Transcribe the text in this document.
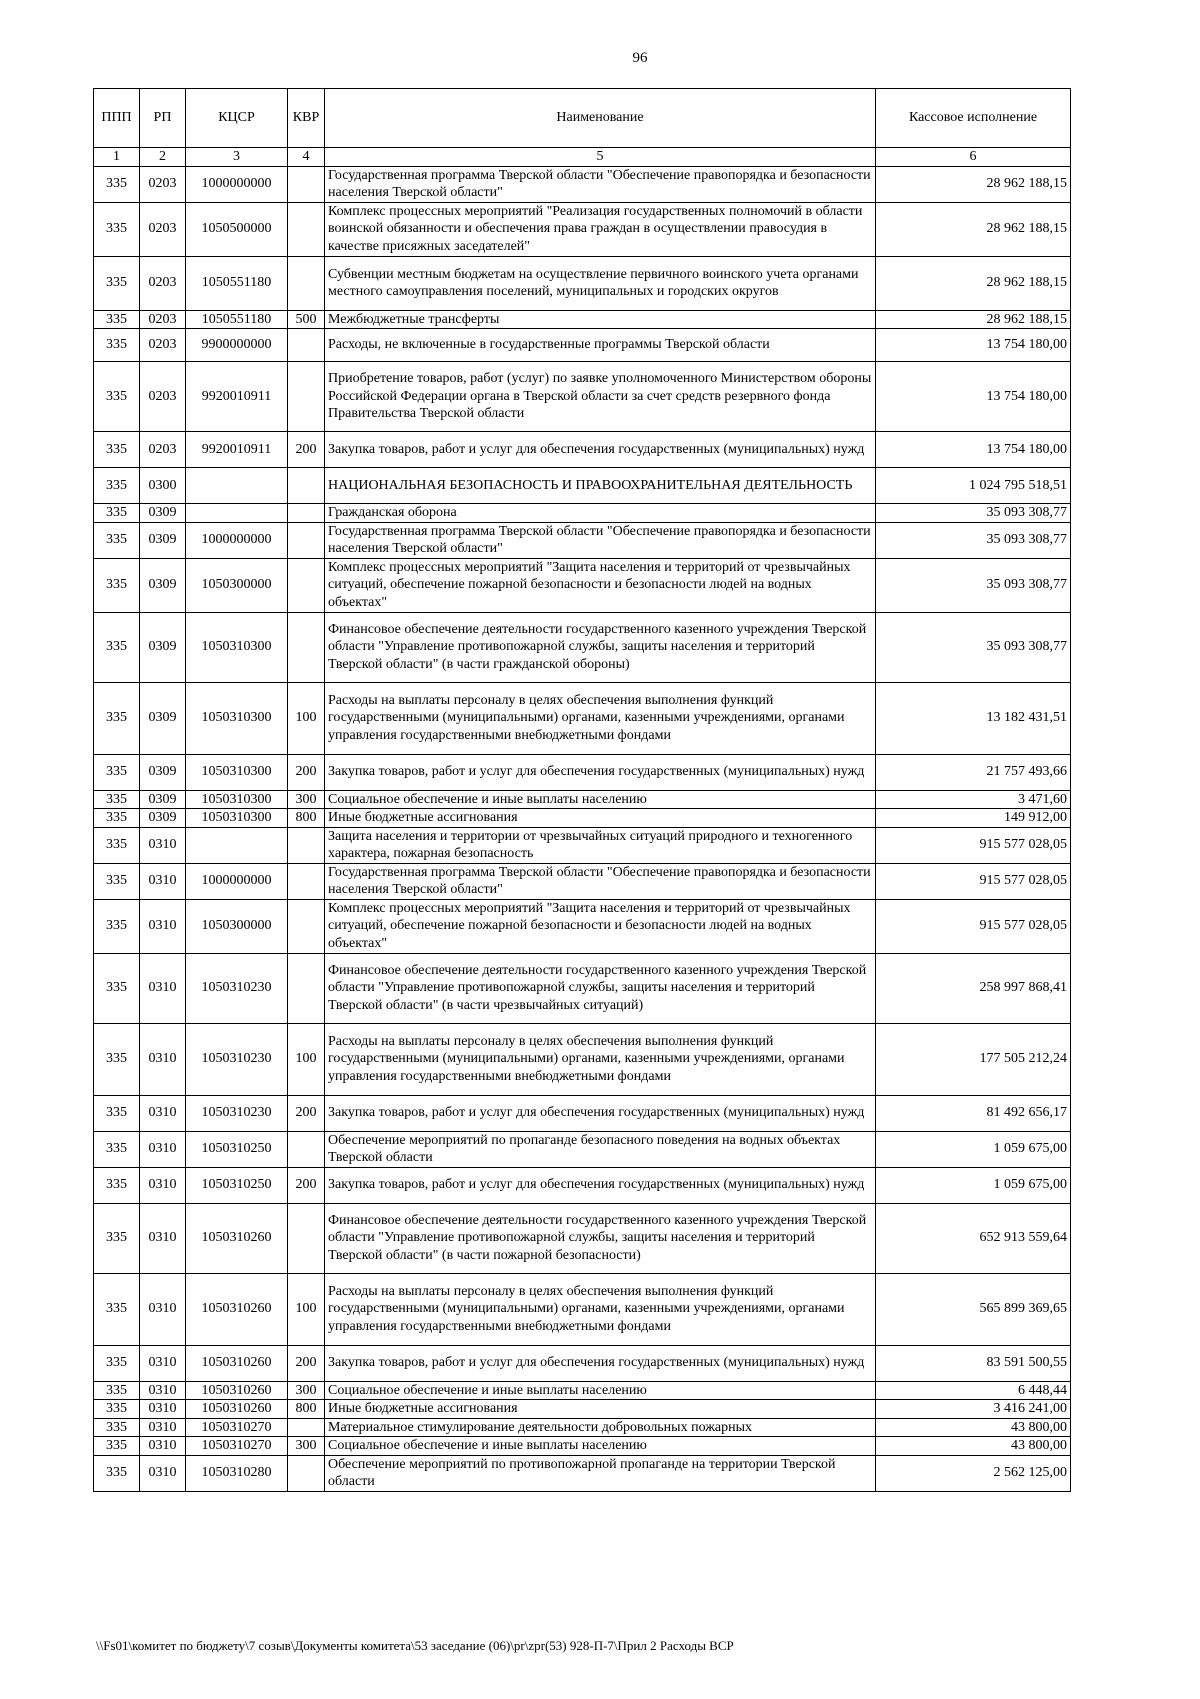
96
ППП	РП	КЦСР	КВР	Наименование	Кассовое исполнение
1	2	3	4	5	6
335	0203	1000000000		Государственная программа Тверской области "Обеспечение правопорядка и безопасности населения Тверской области"	28 962 188,15
335	0203	1050500000		Комплекс процессных мероприятий "Реализация государственных полномочий в области воинской обязанности и обеспечения права граждан в осуществлении правосудия в качестве присяжных заседателей"	28 962 188,15
335	0203	1050551180		Субвенции местным бюджетам на осуществление первичного воинского учета органами местного самоуправления поселений, муниципальных и городских округов	28 962 188,15
335	0203	1050551180	500	Межбюджетные трансферты	28 962 188,15
335	0203	9900000000		Расходы, не включенные в государственные программы Тверской области	13 754 180,00
335	0203	9920010911		Приобретение товаров, работ (услуг) по заявке уполномоченного Министерством обороны Российской Федерации органа в Тверской области за счет средств резервного фонда Правительства Тверской области	13 754 180,00
335	0203	9920010911	200	Закупка товаров, работ и услуг для обеспечения государственных (муниципальных) нужд	13 754 180,00
335	0300			НАЦИОНАЛЬНАЯ БЕЗОПАСНОСТЬ И ПРАВООХРАНИТЕЛЬНАЯ ДЕЯТЕЛЬНОСТЬ	1 024 795 518,51
335	0309			Гражданская оборона	35 093 308,77
335	0309	1000000000		Государственная программа Тверской области "Обеспечение правопорядка и безопасности населения Тверской области"	35 093 308,77
335	0309	1050300000		Комплекс процессных мероприятий "Защита населения и территорий от чрезвычайных ситуаций, обеспечение пожарной безопасности и безопасности людей на водных объектах"	35 093 308,77
335	0309	1050310300		Финансовое обеспечение деятельности государственного казенного учреждения Тверской области "Управление противопожарной службы, защиты населения и территорий Тверской области" (в части гражданской обороны)	35 093 308,77
335	0309	1050310300	100	Расходы на выплаты персоналу в целях обеспечения выполнения функций государственными (муниципальными) органами, казенными учреждениями, органами управления государственными внебюджетными фондами	13 182 431,51
335	0309	1050310300	200	Закупка товаров, работ и услуг для обеспечения государственных (муниципальных) нужд	21 757 493,66
335	0309	1050310300	300	Социальное обеспечение и иные выплаты населению	3 471,60
335	0309	1050310300	800	Иные бюджетные ассигнования	149 912,00
335	0310			Защита населения и территории от чрезвычайных ситуаций природного и техногенного характера, пожарная безопасность	915 577 028,05
335	0310	1000000000		Государственная программа Тверской области "Обеспечение правопорядка и безопасности населения Тверской области"	915 577 028,05
335	0310	1050300000		Комплекс процессных мероприятий "Защита населения и территорий от чрезвычайных ситуаций, обеспечение пожарной безопасности и безопасности людей на водных объектах"	915 577 028,05
335	0310	1050310230		Финансовое обеспечение деятельности государственного казенного учреждения Тверской области "Управление противопожарной службы, защиты населения и территорий Тверской области" (в части чрезвычайных ситуаций)	258 997 868,41
335	0310	1050310230	100	Расходы на выплаты персоналу в целях обеспечения выполнения функций государственными (муниципальными) органами, казенными учреждениями, органами управления государственными внебюджетными фондами	177 505 212,24
335	0310	1050310230	200	Закупка товаров, работ и услуг для обеспечения государственных (муниципальных) нужд	81 492 656,17
335	0310	1050310250		Обеспечение мероприятий по пропаганде безопасного поведения на водных объектах Тверской области	1 059 675,00
335	0310	1050310250	200	Закупка товаров, работ и услуг для обеспечения государственных (муниципальных) нужд	1 059 675,00
335	0310	1050310260		Финансовое обеспечение деятельности государственного казенного учреждения Тверской области "Управление противопожарной службы, защиты населения и территорий Тверской области" (в части пожарной безопасности)	652 913 559,64
335	0310	1050310260	100	Расходы на выплаты персоналу в целях обеспечения выполнения функций государственными (муниципальными) органами, казенными учреждениями, органами управления государственными внебюджетными фондами	565 899 369,65
335	0310	1050310260	200	Закупка товаров, работ и услуг для обеспечения государственных (муниципальных) нужд	83 591 500,55
335	0310	1050310260	300	Социальное обеспечение и иные выплаты населению	6 448,44
335	0310	1050310260	800	Иные бюджетные ассигнования	3 416 241,00
335	0310	1050310270		Материальное стимулирование деятельности добровольных пожарных	43 800,00
335	0310	1050310270	300	Социальное обеспечение и иные выплаты населению	43 800,00
335	0310	1050310280		Обеспечение мероприятий по противопожарной пропаганде на территории Тверской области	2 562 125,00
\\Fs01\комитет по бюджету\7 созыв\Документы комитета\53 заседание (06)\pr\zpr(53) 928-П-7\Прил 2 Расходы ВСР
